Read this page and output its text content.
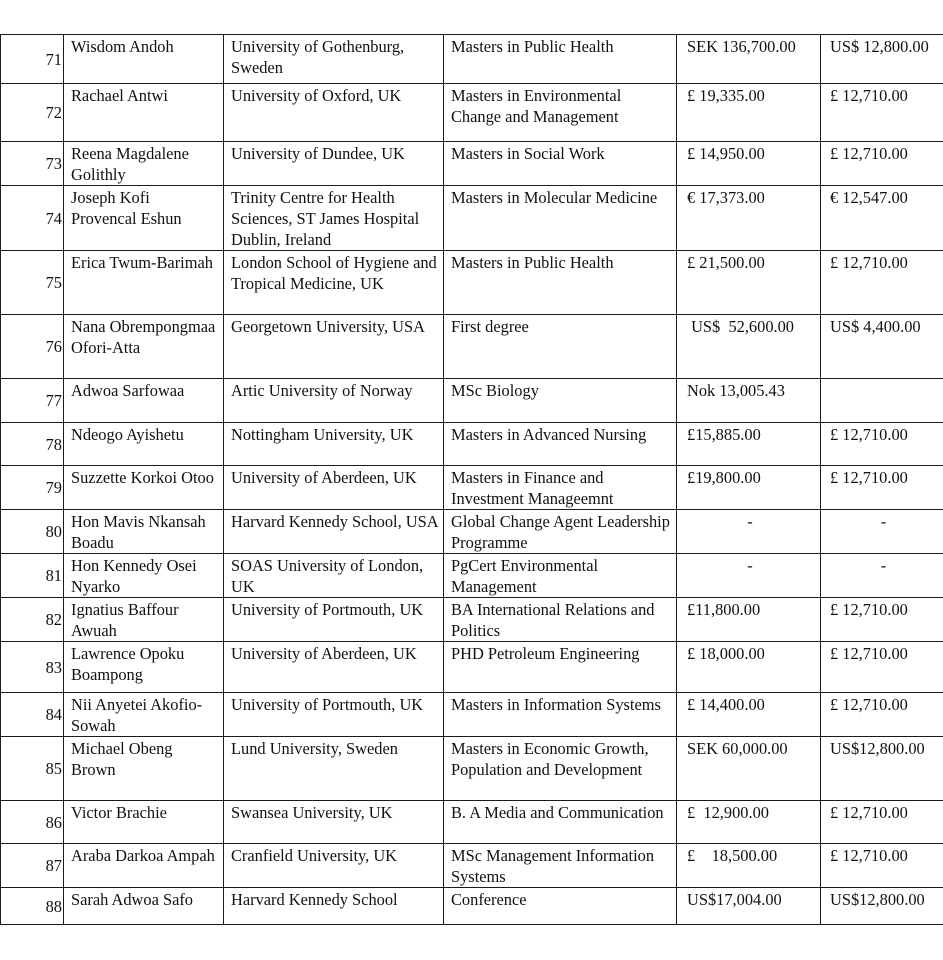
71	Wisdom Andoh	University of Gothenburg, Sweden	Masters in Public Health	SEK 136,700.00	US$ 12,800.00
72	Rachael Antwi	University of Oxford, UK	Masters in Environmental Change and Management	£ 19,335.00	£ 12,710.00
73	Reena Magdalene Golithly	University of Dundee, UK	Masters in Social Work	£ 14,950.00	£ 12,710.00
74	Joseph Kofi Provencal Eshun	Trinity Centre for Health Sciences, ST James Hospital Dublin, Ireland	Masters in Molecular Medicine	€ 17,373.00	€ 12,547.00
75	Erica Twum-Barimah	London School of Hygiene and Tropical Medicine, UK	Masters in Public Health	£ 21,500.00	£ 12,710.00
76	Nana Obrempongmaa Ofori-Atta	Georgetown University, USA	First degree	US$  52,600.00	US$ 4,400.00
77	Adwoa Sarfowaa	Artic University of Norway	MSc Biology	Nok 13,005.43	
78	Ndeogo Ayishetu	Nottingham University, UK	Masters in Advanced Nursing	£15,885.00	£ 12,710.00
79	Suzzette Korkoi Otoo	University of Aberdeen, UK	Masters in Finance and Investment Manageemnt	£19,800.00	£ 12,710.00
80	Hon Mavis Nkansah Boadu	Harvard Kennedy School, USA	Global Change Agent Leadership Programme	-	-
81	Hon Kennedy Osei Nyarko	SOAS University of London, UK	PgCert Environmental Management	-	-
82	Ignatius Baffour Awuah	University of Portmouth, UK	BA International Relations and Politics	£11,800.00	£ 12,710.00
83	Lawrence Opoku Boampong	University of Aberdeen, UK	PHD Petroleum Engineering	£ 18,000.00	£ 12,710.00
84	Nii Anyetei Akofio-Sowah	University of Portmouth, UK	Masters in Information Systems	£ 14,400.00	£ 12,710.00
85	Michael Obeng Brown	Lund University, Sweden	Masters in Economic Growth, Population and Development	SEK 60,000.00	US$12,800.00
86	Victor Brachie	Swansea University, UK	B. A Media and Communication	£  12,900.00	£ 12,710.00
87	Araba Darkoa Ampah	Cranfield University, UK	MSc Management Information Systems	£    18,500.00	£ 12,710.00
88	Sarah Adwoa Safo	Harvard Kennedy School	Conference	US$17,004.00	US$12,800.00
